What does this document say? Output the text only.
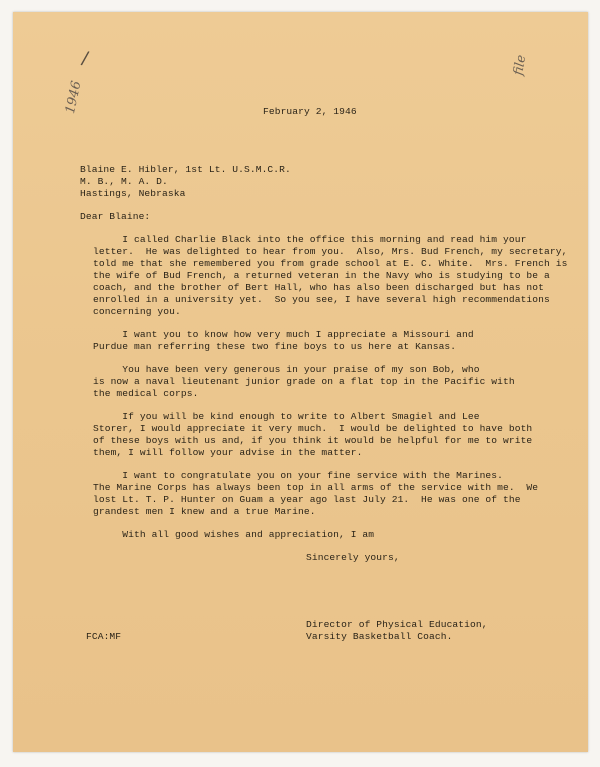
1946
file
/
February 2, 1946
Blaine E. Hibler, 1st Lt. U.S.M.C.R.
M. B., M. A. D.
Hastings, Nebraska
Dear Blaine:
I called Charlie Black into the office this morning and read him your
letter.  He was delighted to hear from you.  Also, Mrs. Bud French, my secretary,
told me that she remembered you from grade school at E. C. White.  Mrs. French is
the wife of Bud French, a returned veteran in the Navy who is studying to be a
coach, and the brother of Bert Hall, who has also been discharged but has not
enrolled in a university yet.  So you see, I have several high recommendations
concerning you.
I want you to know how very much I appreciate a Missouri and
Purdue man referring these two fine boys to us here at Kansas.
You have been very generous in your praise of my son Bob, who
is now a naval lieutenant junior grade on a flat top in the Pacific with
the medical corps.
If you will be kind enough to write to Albert Smagiel and Lee
Storer, I would appreciate it very much.  I would be delighted to have both
of these boys with us and, if you think it would be helpful for me to write
them, I will follow your advise in the matter.
I want to congratulate you on your fine service with the Marines.
The Marine Corps has always been top in all arms of the service with me.  We
lost Lt. T. P. Hunter on Guam a year ago last July 21.  He was one of the
grandest men I knew and a true Marine.
With all good wishes and appreciation, I am
Sincerely yours,
Director of Physical Education,
Varsity Basketball Coach.
FCA:MF
